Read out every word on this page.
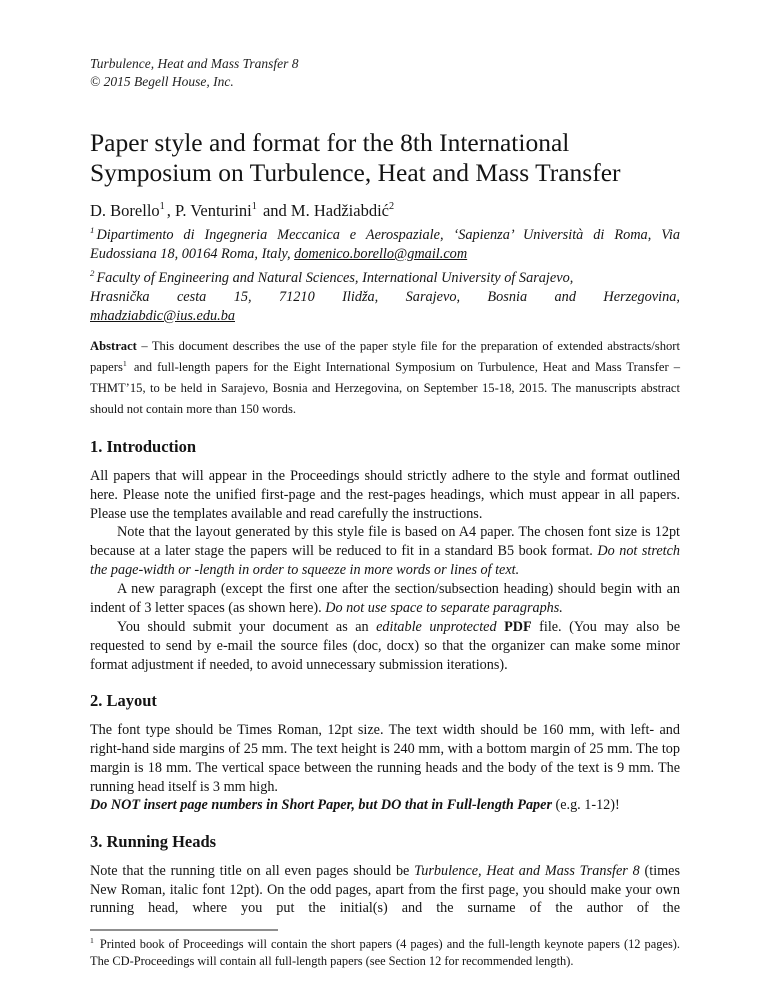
Turbulence, Heat and Mass Transfer 8
© 2015 Begell House, Inc.
Paper style and format for the 8th International Symposium on Turbulence, Heat and Mass Transfer
D. Borello$^1$ , P. Venturini$^1$ and M. Hadžiabdić$^2$

$^1$ Dipartimento di Ingegneria Meccanica e Aerospaziale, ‘Sapienza’ Università di Roma, Via Eudossiana 18, 00164 Roma, Italy, domenico.borello@gmail.com

$^2$ Faculty of Engineering and Natural Sciences, International University of Sarajevo,
Hrasnička cesta 15, 71210 Ilidža, Sarajevo, Bosnia and Herzegovina,
mhadziabdic@ius.edu.ba

Abstract – This document describes the use of the paper style file for the preparation of extended abstracts/short papers$^1$ and full-length papers for the Eight International Symposium on Turbulence, Heat and Mass Transfer – THMT’15, to be held in Sarajevo, Bosnia and Herzegovina, on September 15-18, 2015. The manuscripts abstract should not contain more than 150 words.

1. Introduction

All papers that will appear in the Proceedings should strictly adhere to the style and format outlined here. Please note the unified first-page and the rest-pages headings, which must appear in all papers. Please use the templates available and read carefully the instructions.

Note that the layout generated by this style file is based on A4 paper. The chosen font size is 12pt because at a later stage the papers will be reduced to fit in a standard B5 book format. Do not stretch the page-width or -length in order to squeeze in more words or lines of text.

A new paragraph (except the first one after the section/subsection heading) should begin with an indent of 3 letter spaces (as shown here). Do not use space to separate paragraphs.

You should submit your document as an editable unprotected PDF file. (You may also be requested to send by e-mail the source files (doc, docx) so that the organizer can make some minor format adjustment if needed, to avoid unnecessary submission iterations).

2. Layout

The font type should be Times Roman, 12pt size. The text width should be 160 mm, with left- and right-hand side margins of 25 mm. The text height is 240 mm, with a bottom margin of 25 mm. The top margin is 18 mm. The vertical space between the running heads and the body of the text is 9 mm. The running head itself is 3 mm high.

Do NOT insert page numbers in Short Paper, but DO that in Full-length Paper (e.g. 1-12)!

3. Running Heads

Note that the running title on all even pages should be Turbulence, Heat and Mass Transfer 8 (times New Roman, italic font 12pt). On the odd pages, apart from the first page, you should make your own running head, where you put the initial(s) and the surname of the author of the

$^1$ Printed book of Proceedings will contain the short papers (4 pages) and the full-length keynote papers (12 pages). The CD-Proceedings will contain all full-length papers (see Section 12 for recommended length).
